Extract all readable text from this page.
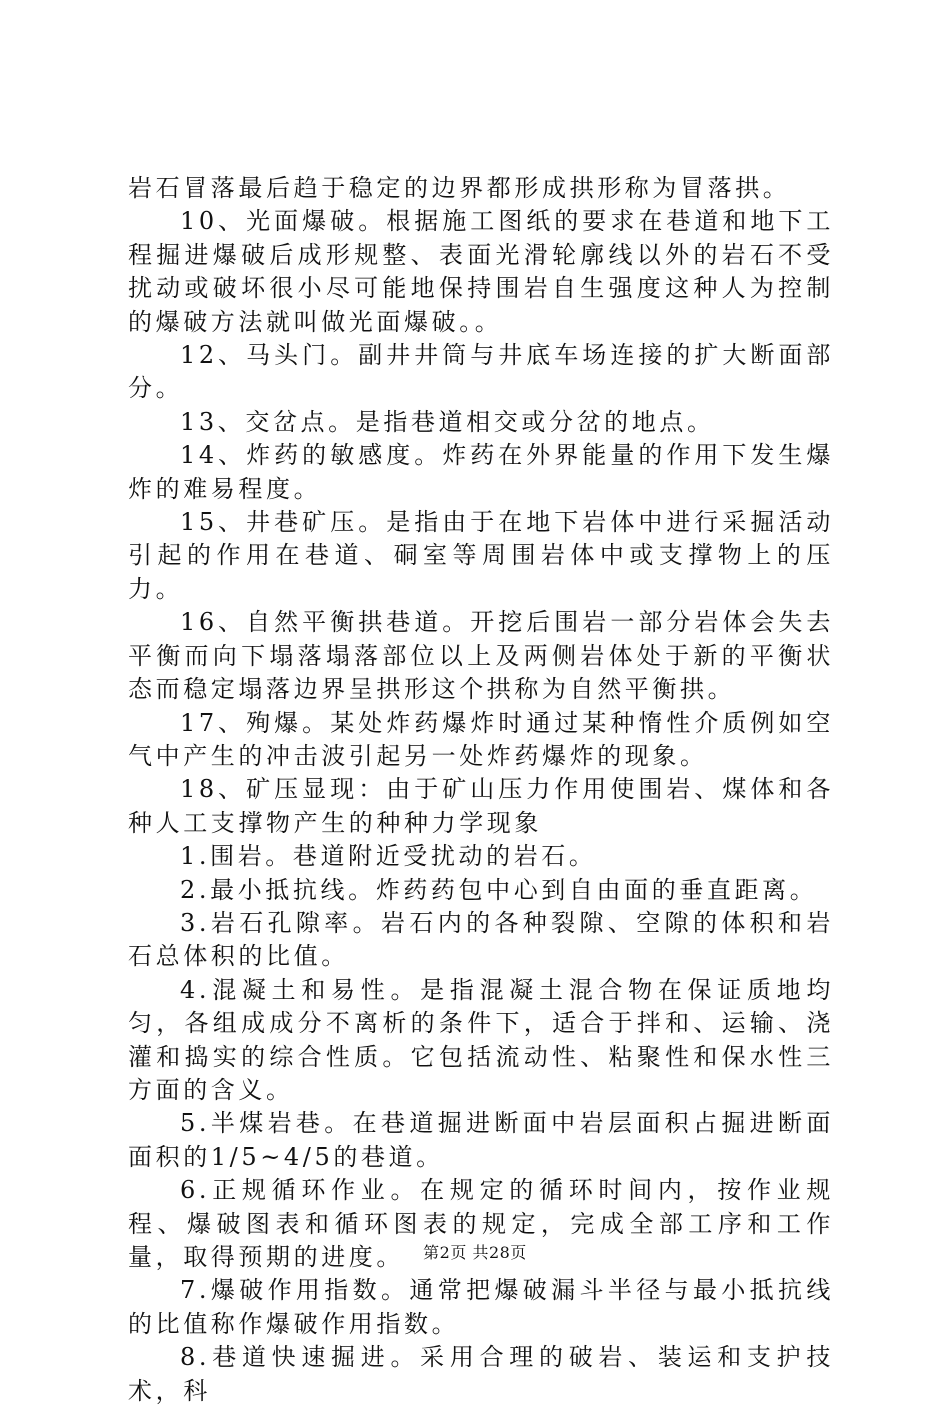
岩石冒落最后趋于稳定的边界都形成拱形称为冒落拱。

10、光面爆破。根据施工图纸的要求在巷道和地下工程掘进爆破后成形规整、表面光滑轮廓线以外的岩石不受扰动或破坏很小尽可能地保持围岩自生强度这种人为控制的爆破方法就叫做光面爆破。。

12、马头门。副井井筒与井底车场连接的扩大断面部分。

13、交岔点。是指巷道相交或分岔的地点。

14、炸药的敏感度。炸药在外界能量的作用下发生爆炸的难易程度。

15、井巷矿压。是指由于在地下岩体中进行采掘活动引起的作用在巷道、硐室等周围岩体中或支撑物上的压力。

16、自然平衡拱巷道。开挖后围岩一部分岩体会失去平衡而向下塌落塌落部位以上及两侧岩体处于新的平衡状态而稳定塌落边界呈拱形这个拱称为自然平衡拱。

17、殉爆。某处炸药爆炸时通过某种惰性介质例如空气中产生的冲击波引起另一处炸药爆炸的现象。

18、矿压显现：由于矿山压力作用使围岩、煤体和各种人工支撑物产生的种种力学现象

1.围岩。巷道附近受扰动的岩石。

2.最小抵抗线。炸药药包中心到自由面的垂直距离。

3.岩石孔隙率。岩石内的各种裂隙、空隙的体积和岩石总体积的比值。

4.混凝土和易性。是指混凝土混合物在保证质地均匀，各组成成分不离析的条件下，适合于拌和、运输、浇灌和捣实的综合性质。它包括流动性、粘聚性和保水性三方面的含义。

5.半煤岩巷。在巷道掘进断面中岩层面积占掘进断面面积的1/5~4/5的巷道。

6.正规循环作业。在规定的循环时间内，按作业规程、爆破图表和循环图表的规定，完成全部工序和工作量，取得预期的进度。

7.爆破作用指数。通常把爆破漏斗半径与最小抵抗线的比值称作爆破作用指数。

8.巷道快速掘进。采用合理的破岩、装运和支护技术，科

第2页 共28页
